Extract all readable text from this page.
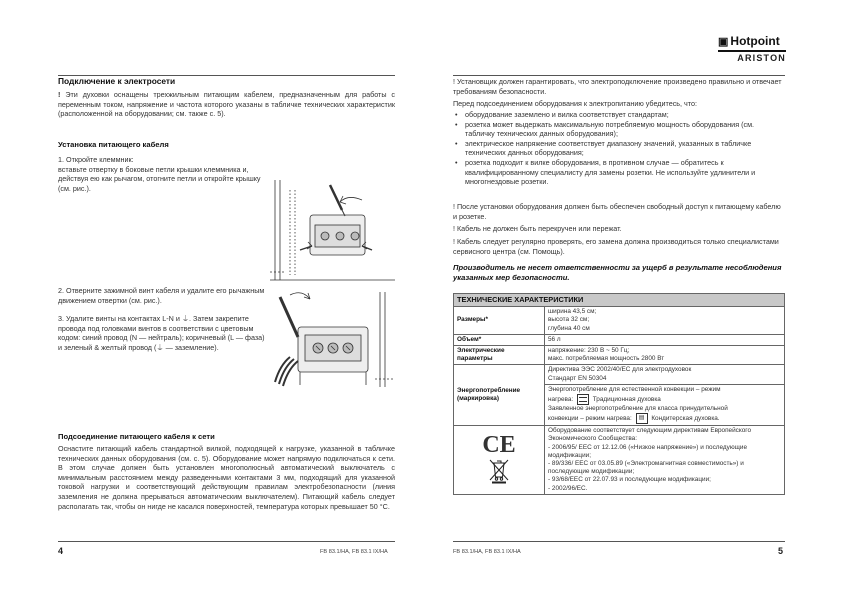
Подключение к электросети
! Эти духовки оснащены трехжильным питающим кабелем, предназначенным для работы с переменным током, напряжение и частота которого указаны в табличке технических характеристик (расположенной на оборудовании; см. также с. 5).
Установка питающего кабеля
1. Откройте клеммник:
вставьте отвертку в боковые петли крышки клеммника и, действуя ею как рычагом, отогните петли и откройте крышку (см. рис.).
2. Отверните зажимной винт кабеля и удалите его рычажным движением отвертки (см. рис.).
3. Удалите винты на контактах L-N и ⏚. Затем закрепите провода под головками винтов в соответствии с цветовым кодом: синий провод (N — нейтраль); коричневый (L — фаза) и зеленый & желтый провод (⏚ — заземление).
Подсоединение питающего кабеля к сети
Оснастите питающий кабель стандартной вилкой, подходящей к нагрузке, указанной в табличке технических данных оборудования (см. с. 5). Оборудование может напрямую подключаться к сети. В этом случае должен быть установлен многополюсный автоматический выключатель с минимальным расстоянием между разведенными контактами 3 мм, подходящий для указанной токовой нагрузки и соответствующий действующим правилам электробезопасности (линия заземления не должна прерываться автоматическим выключателем). Питающий кабель следует располагать так, чтобы он нигде не касался поверхностей, температура которых превышает 50 °C.
4	FB 83.1/HA, FB 83.1 IX/HA
▣ Hotpoint
ARISTON
! Установщик должен гарантировать, что электроподключение произведено правильно и отвечает требованиям безопасности.
Перед подсоединением оборудования к электропитанию убедитесь, что:
• оборудование заземлено и вилка соответствует стандартам;
• розетка может выдержать максимальную потребляемую мощность оборудования (см. табличку технических данных оборудования);
• электрическое напряжение соответствует диапазону значений, указанных в табличке технических данных оборудования;
• розетка подходит к вилке оборудования, в противном случае — обратитесь к квалифицированному специалисту для замены розетки. Не используйте удлинители и многогнездовые розетки.
! После установки оборудования должен быть обеспечен свободный доступ к питающему кабелю и розетке.
! Кабель не должен быть перекручен или пережат.
! Кабель следует регулярно проверять, его замена должна производиться только специалистами сервисного центра (см. Помощь).
Производитель не несет ответственности за ущерб в результате несоблюдения указанных мер безопасности.
ТЕХНИЧЕСКИЕ ХАРАКТЕРИСТИКИ	
Размеры*	ширина 43,5 см;
высота 32 см;
глубина 40 см

Объем*	56 л
Электрические параметры	напряжение: 230 В ~ 50 Гц;
макс. потребляемая мощность 2800 Вт

Энергопотребление (маркировка)	Директива ЭЭС 2002/40/EC для электродуховок
Стандарт EN 50304

	Энергопотребление для естественной конвекции – режим
нагрева: Традиционная духовка
Заявленное энергопотребление для класса принудительной
конвекции – режим нагрева: ▤ Кондитерская духовка.

CE	Оборудование соответствует следующим директивам Европейского Экономического Сообщества:
- 2006/95/ EEC от 12.12.06 («Низкое напряжение») и последующие модификации;
- 89/336/ EEC от 03.05.89 («Электромагнитная совместимость») и последующие модификации;
- 93/68/EEC от 22.07.93 и последующие модификации;
- 2002/96/EC.
FB 83.1/HA, FB 83.1 IX/HA	5
